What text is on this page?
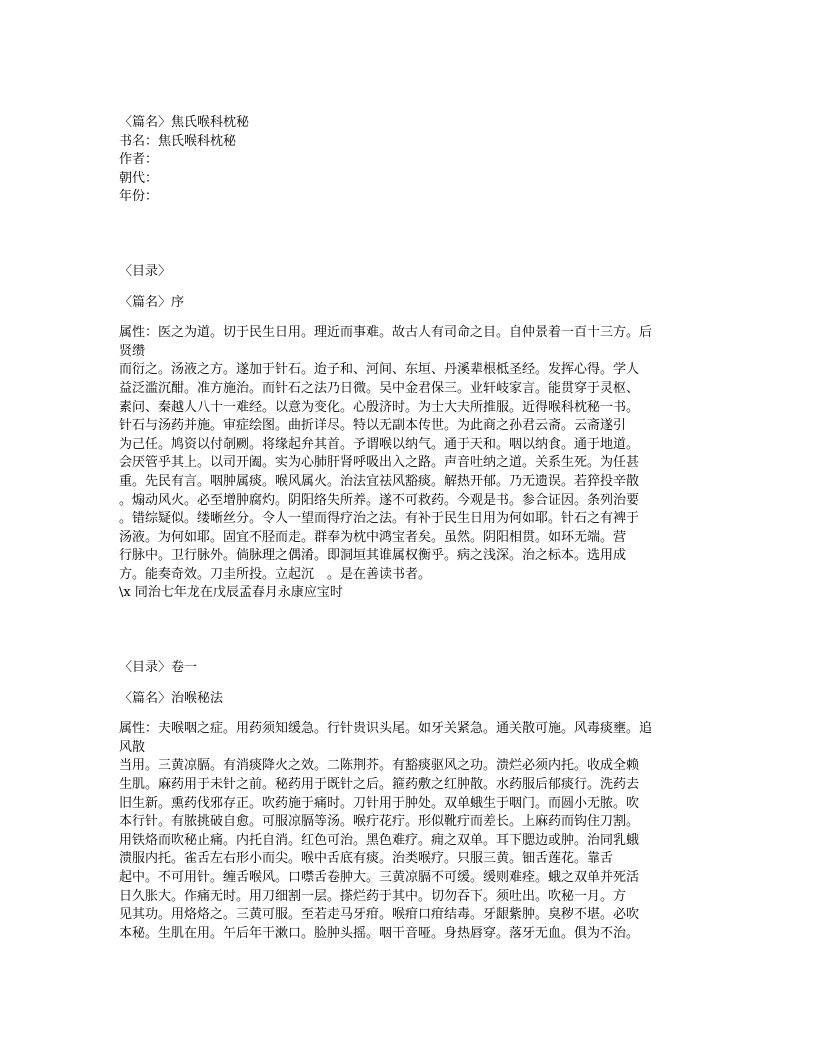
〈篇名〉焦氏喉科枕秘
书名：焦氏喉科枕秘
作者：
朝代：
年份：
〈目录〉
〈篇名〉序
属性：医之为道。切于民生日用。理近而事难。故古人有司命之目。自仲景着一百十三方。后
贤缵
而衍之。汤液之方。遂加于针石。迨子和、河间、东垣、丹溪辈根柢圣经。发挥心得。学人
益泛滥沉酣。准方施治。而针石之法乃日微。吴中金君保三。业轩岐家言。能贯穿于灵枢、
素问、秦越人八十一难经。以意为变化。心殷济时。为士大夫所推服。近得喉科枕秘一书。
针石与汤药并施。审症绘图。曲折详尽。特以无副本传世。为此商之孙君云斋。云斋遂引
为己任。鸠资以付剞劂。将缘起弁其首。予谓喉以纳气。通于天和。咽以纳食。通于地道。
会厌管乎其上。以司开阖。实为心肺肝肾呼吸出入之路。声音吐纳之道。关系生死。为任甚
重。先民有言。咽肿属痰。喉风属火。治法宜祛风豁痰。解热开郁。乃无遗误。若猝投辛散
。煽动风火。必至增肿腐灼。阴阳络失所养。遂不可救药。今观是书。参合证因。条列治要
。错综疑似。缕晰丝分。令人一望而得疗治之法。有补于民生日用为何如耶。针石之有裨于
汤液。为何如耶。固宜不胫而走。群奉为枕中鸿宝者矣。虽然。阴阳相贯。如环无端。营
行脉中。卫行脉外。倘脉理之偶淆。即洞垣其谁属权衡乎。病之浅深。治之标本。选用成
方。能奏奇效。刀圭所投。立起沉　。是在善读书者。
\x 同治七年龙在戊辰孟春月永康应宝时
〈目录〉卷一
〈篇名〉治喉秘法
属性：夫喉咽之症。用药须知缓急。行针贵识头尾。如牙关紧急。通关散可施。风毒痰壅。追
风散
当用。三黄凉膈。有消痰降火之效。二陈荆芥。有豁痰驱风之功。溃烂必须内托。收成全赖
生肌。麻药用于未针之前。秘药用于既针之后。箍药敷之红肿散。水药服后郁痰行。洗药去
旧生新。熏药伐邪存正。吹药施于痛时。刀针用于肿处。双单蛾生于咽门。而圆小无脓。吹
本行针。有脓挑破自愈。可服凉膈等汤。喉疔花疔。形似靴疔而差长。上麻药而钩住刀割。
用铁烙而吹秘止痛。内托自消。红色可治。黑色难疗。痈之双单。耳下腮边或肿。治同乳蛾
溃服内托。雀舌左右形小而尖。喉中舌底有痰。治类喉疗。只服三黄。钿舌莲花。靠舌
起中。不可用针。缠舌喉风。口噤舌卷肿大。三黄凉膈不可缓。缓则难痊。蛾之双单并死活
日久胀大。作痛无时。用刀细割一层。搽烂药于其中。切勿吞下。须吐出。吹秘一月。方
见其功。用烙烙之。三黄可服。至若走马牙疳。喉疳口疳结毒。牙龈紫肿。臭秽不堪。必吹
本秘。生肌在用。午后年干漱口。脸肿头摇。咽干音哑。身热唇穿。落牙无血。俱为不治。
